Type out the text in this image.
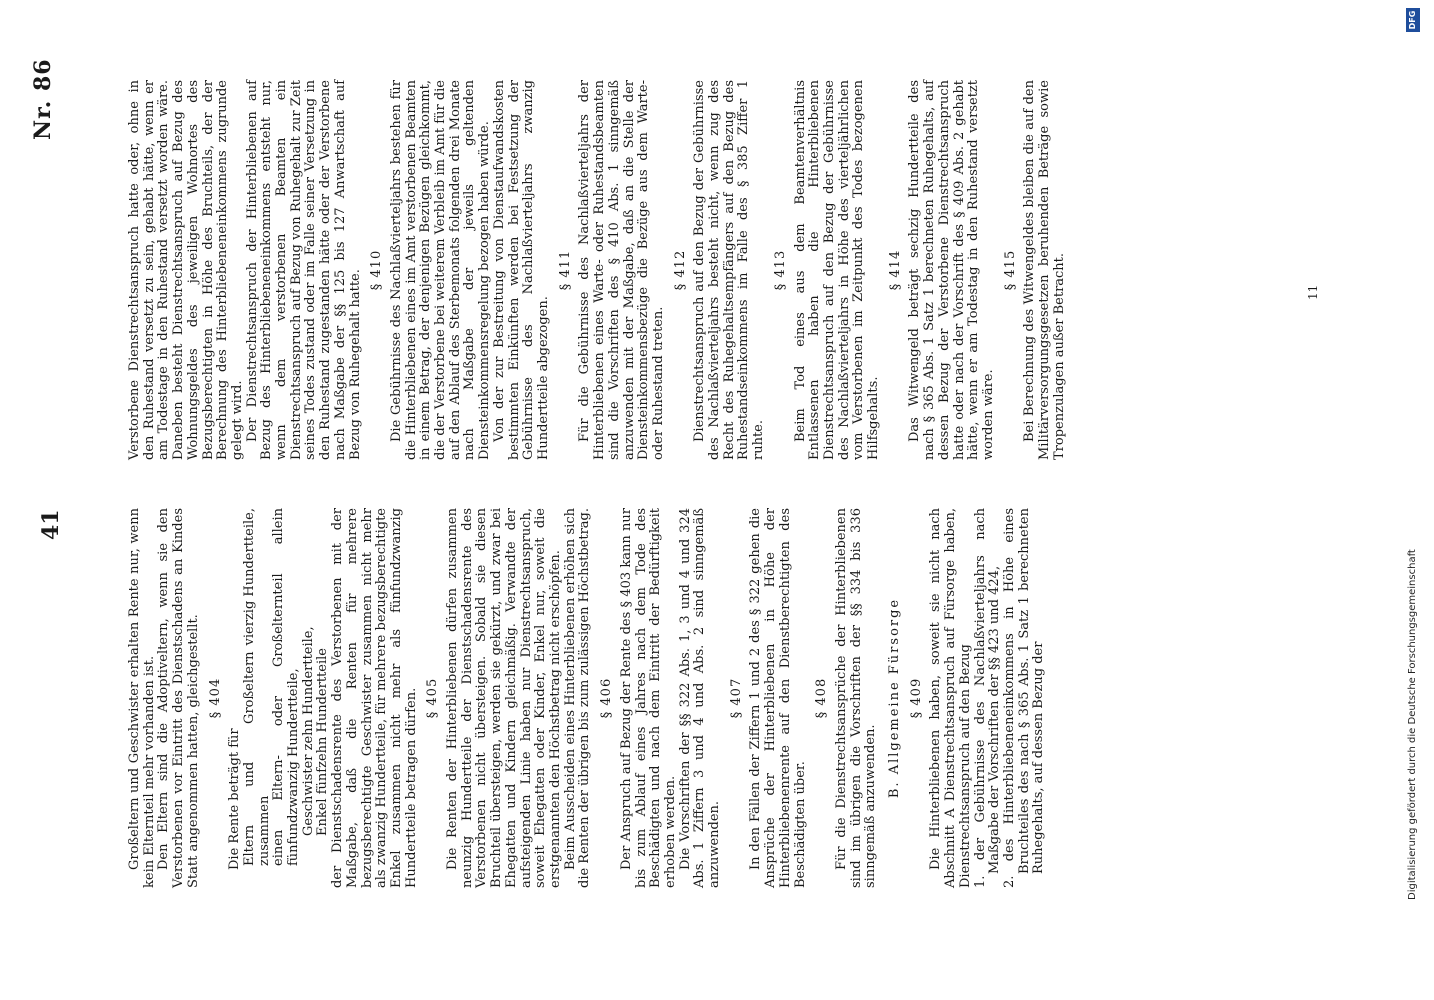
41
Nr. 86

Großeltern und Geschwister erhalten Rente nur, wenn kein Elternteil mehr vorhanden ist. Den Eltern sind die Adoptiveltern, wenn sie den Verstorbenen vor Eintritt des Dienstschadens an Kindes Statt angenommen hatten, gleichgestellt. § 404

Die Rente beträgt für Eltern und Großeltern zusammen
vierzig Hundertteile,	einen Eltern- oder Großelternteil allein fünfundzwanzig Hundertteile, Geschwister zehn Hundertteile, Enkel fünfzehn Hundertteile der Dienstschadensrente des Verstorbenen mit der Maßgabe, daß die Renten für mehrere bezugsberechtigte Geschwister zusammen nicht mehr als zwanzig Hundertteile, für mehrere bezugsberechtigte Enkel zusammen nicht mehr als fünfundzwanzig Hundertteile betragen dürfen. § 405 Die Renten der Hinterbliebenen dürfen zusammen neunzig Hundertteile der Dienstschadensrente des Verstorbenen nicht übersteigen. Sobald sie diesen Bruchteil übersteigen, werden sie gekürzt, und zwar bei Ehegatten und Kindern gleichmäßig. Verwandte der aufsteigenden Linie haben nur Dienstrechtsanspruch, soweit Ehegatten oder Kinder, Enkel nur, soweit die erstgenannten den Höchstbetrag nicht erschöpfen. Beim Ausscheiden eines Hinterbliebenen erhöhen sich die Renten der übrigen bis zum zulässigen Höchstbetrag. § 406 Der Anspruch auf Bezug der Rente des § 403 kann nur bis zum Ablauf eines Jahres nach dem Tode des Beschädigten und nach dem Eintritt der Bedürftigkeit erhoben werden. Die Vorschriften der §§ 322 Abs. 1, 3 und 4 und 324 Abs. 1 Ziffern 3 und 4 und Abs. 2 sind sinngemäß anzuwenden.

§ 407 In den Fällen der Ziffern 1 und 2 des § 322 gehen die Ansprüche der Hinterbliebenen in Höhe der Hinterbliebenenrente auf den Dienstberechtigten des Beschädigten über.

§ 408 Für die Dienstrechtsansprüche der Hinterbliebenen sind im übrigen die Vorschriften der §§ 334 bis 336 sinngemäß anzuwenden.

B. Allgemeine Fürsorge § 409 Die Hinterbliebenen haben, soweit sie nicht nach Abschnitt A Dienstrechtsanspruch auf Fürsorge haben, Dienstrechtsanspruch auf den Bezug 1. der Gebührnisse des Nachlaßvierteljahrs nach Maßgabe der Vorschriften der §§ 423 und 424, 2. des Hinterbliebeneneinkommens in Höhe eines Bruchteiles des nach § 365 Abs. 1 Satz 1 berechneten Ruhegehalts, auf dessen Bezug der

Verstorbene Dienstrechtsanspruch hatte oder, ohne in den Ruhestand versetzt zu sein, gehabt hätte, wenn er am Todestage in den Ruhestand versetzt worden wäre. Daneben besteht Dienstrechtsanspruch auf Bezug des Wohnungsgeldes des jeweiligen Wohnortes des Bezugsberechtigten in Höhe des Bruchteils, der der Berechnung des Hinterbliebeneneinkommens zugrunde gelegt wird. Der Dienstrechtsanspruch der Hinterbliebenen auf Bezug des Hinterbliebeneneinkommens entsteht nur, wenn dem verstorbenen Beamten ein Dienstrechtsanspruch auf Bezug von Ruhegehalt zur Zeit seines Todes zustand oder im Falle seiner Versetzung in den Ruhestand zugestanden hätte oder der Verstorbene nach Maßgabe der §§ 125 bis 127 Anwartschaft auf Bezug von Ruhegehalt hatte. § 410 Die Gebührnisse des Nachlaßvierteljahrs bestehen für die Hinterbliebenen eines im Amt verstorbenen Beamten in einem Betrag, der denjenigen Bezügen gleichkommt, die der Verstorbene bei weiterem Verbleib im Amt für die auf den Ablauf des Sterbemonats folgenden drei Monate nach Maßgabe der jeweils geltenden Diensteinkommensregelung bezogen haben würde. Von der zur Bestreitung von Dienstaufwandskosten bestimmten Einkünften werden bei Festsetzung der Gebührnisse des Nachlaßvierteljahrs zwanzig Hundertteile abgezogen.

§ 411 Für die Gebührnisse des Nachlaßvierteljahrs der Hinterbliebenen eines Warte- oder Ruhestandsbeamten sind die Vorschriften des § 410 Abs. 1 sinngemäß anzuwenden mit der Maßgabe, daß an die Stelle der Diensteinkommensbezüge die Bezüge aus dem Warte- oder Ruhestand treten.

§ 412 Dienstrechtsanspruch auf den Bezug der Gebührnisse des Nachlaßvierteljahrs besteht nicht, wenn zug des Recht des Ruhegehaltsempfängers auf den Bezug des Ruhestandseinkommens im Falle des § 385 Ziffer 1 ruhte.

§ 413 Beim Tod eines aus dem Beamtenverhältnis Entlassenen haben die Hinterbliebenen Dienstrechtsanspruch auf den Bezug der Gebührnisse des Nachlaßvierteljahrs in Höhe des vierteljährlichen vom Verstorbenen im Zeitpunkt des Todes bezogenen Hilfsgehalts.

§ 414 Das Witwengeld beträgt sechzig Hundertteile des nach § 365 Abs. 1 Satz 1 berechneten Ruhegehalts, auf dessen Bezug der Verstorbene Dienstrechtsanspruch hatte oder nach der Vorschrift des § 409 Abs. 2 gehabt hätte, wenn er am Todestag in den Ruhestand versetzt worden wäre.

§ 415 Bei Berechnung des Witwengeldes bleiben die auf den Militärversorgungsgesetzen beruhenden Beträge sowie Tropenzulagen außer Betracht.	11
Digitalisierung gefördert durch die Deutsche Forschungsgemeinschaft
DFG
